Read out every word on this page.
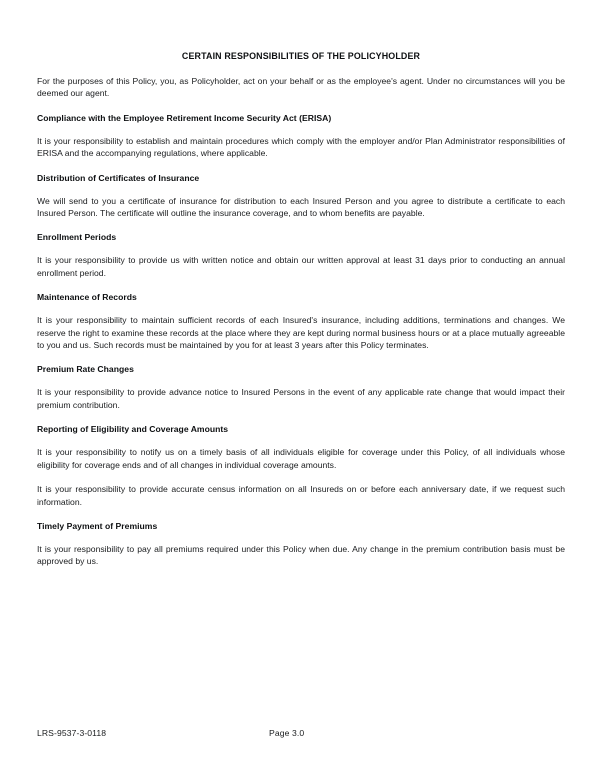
CERTAIN RESPONSIBILITIES OF THE POLICYHOLDER
For the purposes of this Policy, you, as Policyholder, act on your behalf or as the employee's agent. Under no circumstances will you be deemed our agent.
Compliance with the Employee Retirement Income Security Act (ERISA)
It is your responsibility to establish and maintain procedures which comply with the employer and/or Plan Administrator responsibilities of ERISA and the accompanying regulations, where applicable.
Distribution of Certificates of Insurance
We will send to you a certificate of insurance for distribution to each Insured Person and you agree to distribute a certificate to each Insured Person. The certificate will outline the insurance coverage, and to whom benefits are payable.
Enrollment Periods
It is your responsibility to provide us with written notice and obtain our written approval at least 31 days prior to conducting an annual enrollment period.
Maintenance of Records
It is your responsibility to maintain sufficient records of each Insured's insurance, including additions, terminations and changes. We reserve the right to examine these records at the place where they are kept during normal business hours or at a place mutually agreeable to you and us. Such records must be maintained by you for at least 3 years after this Policy terminates.
Premium Rate Changes
It is your responsibility to provide advance notice to Insured Persons in the event of any applicable rate change that would impact their premium contribution.
Reporting of Eligibility and Coverage Amounts
It is your responsibility to notify us on a timely basis of all individuals eligible for coverage under this Policy, of all individuals whose eligibility for coverage ends and of all changes in individual coverage amounts.
It is your responsibility to provide accurate census information on all Insureds on or before each anniversary date, if we request such information.
Timely Payment of Premiums
It is your responsibility to pay all premiums required under this Policy when due. Any change in the premium contribution basis must be approved by us.
LRS-9537-3-0118	Page 3.0
